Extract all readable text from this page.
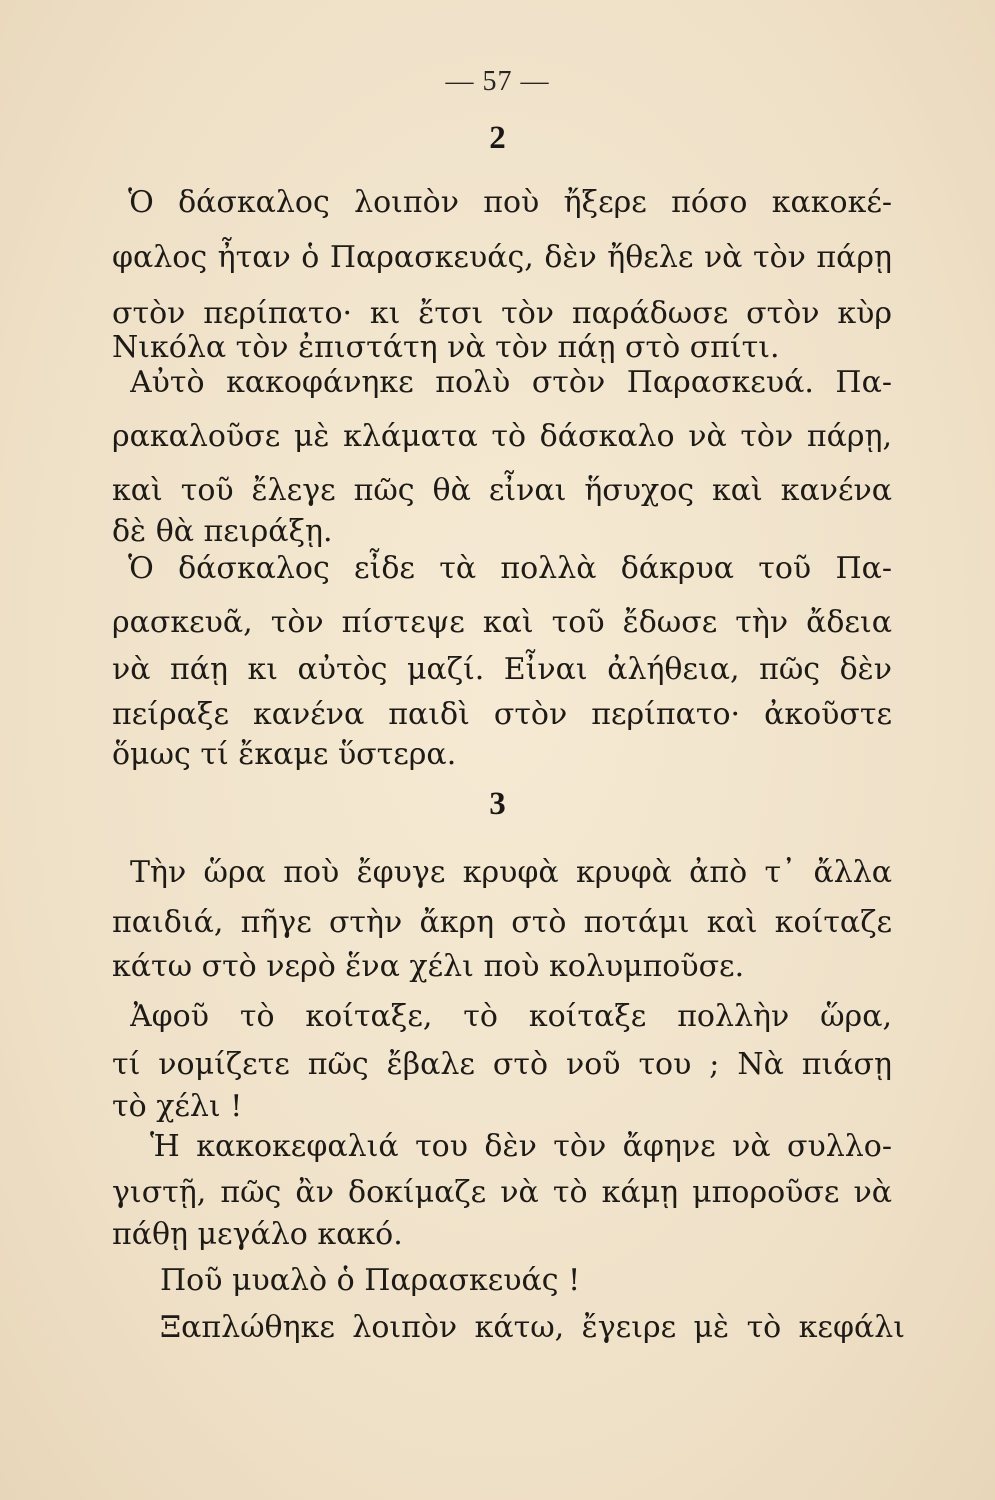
— 57 —
2
Ὁ δάσκαλος λοιπὸν ποὺ ἤξερε πόσο κακοκέ-
φαλος ἦταν ὁ Παρασκευάς, δὲν ἤθελε νὰ τὸν πάρῃ
στὸν περίπατο· κι ἔτσι τὸν παράδωσε στὸν κὺρ
Νικόλα τὸν ἐπιστάτη νὰ τὸν πάῃ στὸ σπίτι.
Αὐτὸ κακοφάνηκε πολὺ στὸν Παρασκευά. Πα-
ρακαλοῦσε μὲ κλάματα τὸ δάσκαλο νὰ τὸν πάρῃ,
καὶ τοῦ ἔλεγε πῶς θὰ εἶναι ἥσυχος καὶ κανένα
δὲ θὰ πειράξῃ.
Ὁ δάσκαλος εἶδε τὰ πολλὰ δάκρυα τοῦ Πα-
ρασκευᾶ, τὸν πίστεψε καὶ τοῦ ἔδωσε τὴν ἄδεια
νὰ πάῃ κι αὐτὸς μαζί. Εἶναι ἀλήθεια, πῶς δὲν
πείραξε κανένα παιδὶ στὸν περίπατο· ἀκοῦστε
ὅμως τί ἔκαμε ὕστερα.
3
Τὴν ὥρα ποὺ ἔφυγε κρυφὰ κρυφὰ ἀπὸ τ᾿ ἄλλα
παιδιά, πῆγε στὴν ἄκρη στὸ ποτάμι καὶ κοίταζε
κάτω στὸ νερὸ ἕνα χέλι ποὺ κολυμποῦσε.
Ἀφοῦ τὸ κοίταξε, τὸ κοίταξε πολλὴν ὥρα,
τί νομίζετε πῶς ἔβαλε στὸ νοῦ του ; Νὰ πιάσῃ
τὸ χέλι !
Ἡ κακοκεφαλιά του δὲν τὸν ἄφηνε νὰ συλλο-
γιστῇ, πῶς ἂν δοκίμαζε νὰ τὸ κάμῃ μποροῦσε νὰ
πάθῃ μεγάλο κακό.
Ποῦ μυαλὸ ὁ Παρασκευάς !
Ξαπλώθηκε λοιπὸν κάτω, ἔγειρε μὲ τὸ κεφάλι
